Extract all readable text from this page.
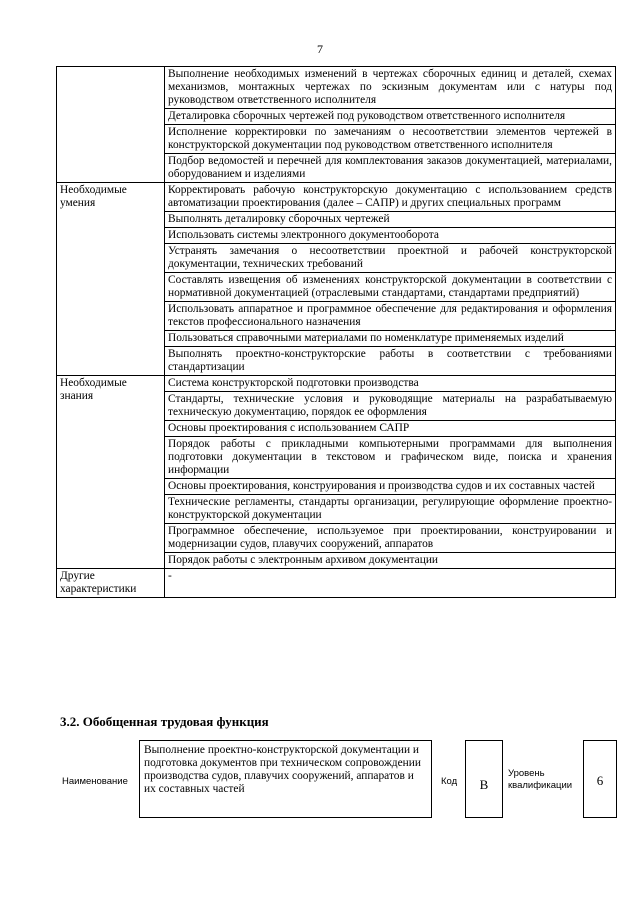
7
	Выполнение необходимых изменений в чертежах сборочных единиц и деталей, схемах механизмов, монтажных чертежах по эскизным документам или с натуры под руководством ответственного исполнителя
	Деталировка сборочных чертежей под руководством ответственного исполнителя
	Исполнение корректировки по замечаниям о несоответствии элементов чертежей в конструкторской документации под руководством ответственного исполнителя
	Подбор ведомостей и перечней для комплектования заказов документацией, материалами, оборудованием и изделиями
Необходимые умения	Корректировать рабочую конструкторскую документацию с использованием средств автоматизации проектирования (далее – САПР) и других специальных программ
	Выполнять деталировку сборочных чертежей
	Использовать системы электронного документооборота
	Устранять замечания о несоответствии проектной и рабочей конструкторской документации, технических требований
	Составлять извещения об изменениях конструкторской документации в соответствии с нормативной документацией (отраслевыми стандартами, стандартами предприятий)
	Использовать аппаратное и программное обеспечение для редактирования и оформления текстов профессионального назначения
	Пользоваться справочными материалами по номенклатуре применяемых изделий
	Выполнять проектно-конструкторские работы в соответствии с требованиями стандартизации
Необходимые знания	Система конструкторской подготовки производства
	Стандарты, технические условия и руководящие материалы на разрабатываемую техническую документацию, порядок ее оформления
	Основы проектирования с использованием САПР
	Порядок работы с прикладными компьютерными программами для выполнения подготовки документации в текстовом и графическом виде, поиска и хранения информации
	Основы проектирования, конструирования и производства судов и их составных частей
	Технические регламенты, стандарты организации, регулирующие оформление проектно-конструкторской документации
	Программное обеспечение, используемое при проектировании, конструировании и модернизации судов, плавучих сооружений, аппаратов
	Порядок работы с электронным архивом документации
Другие характеристики	-
3.2. Обобщенная трудовая функция
Наименование
Выполнение проектно-конструкторской документации и подготовка документов при техническом сопровождении производства судов, плавучих сооружений, аппаратов и их составных частей
Код	B
Уровень квалификации	6
